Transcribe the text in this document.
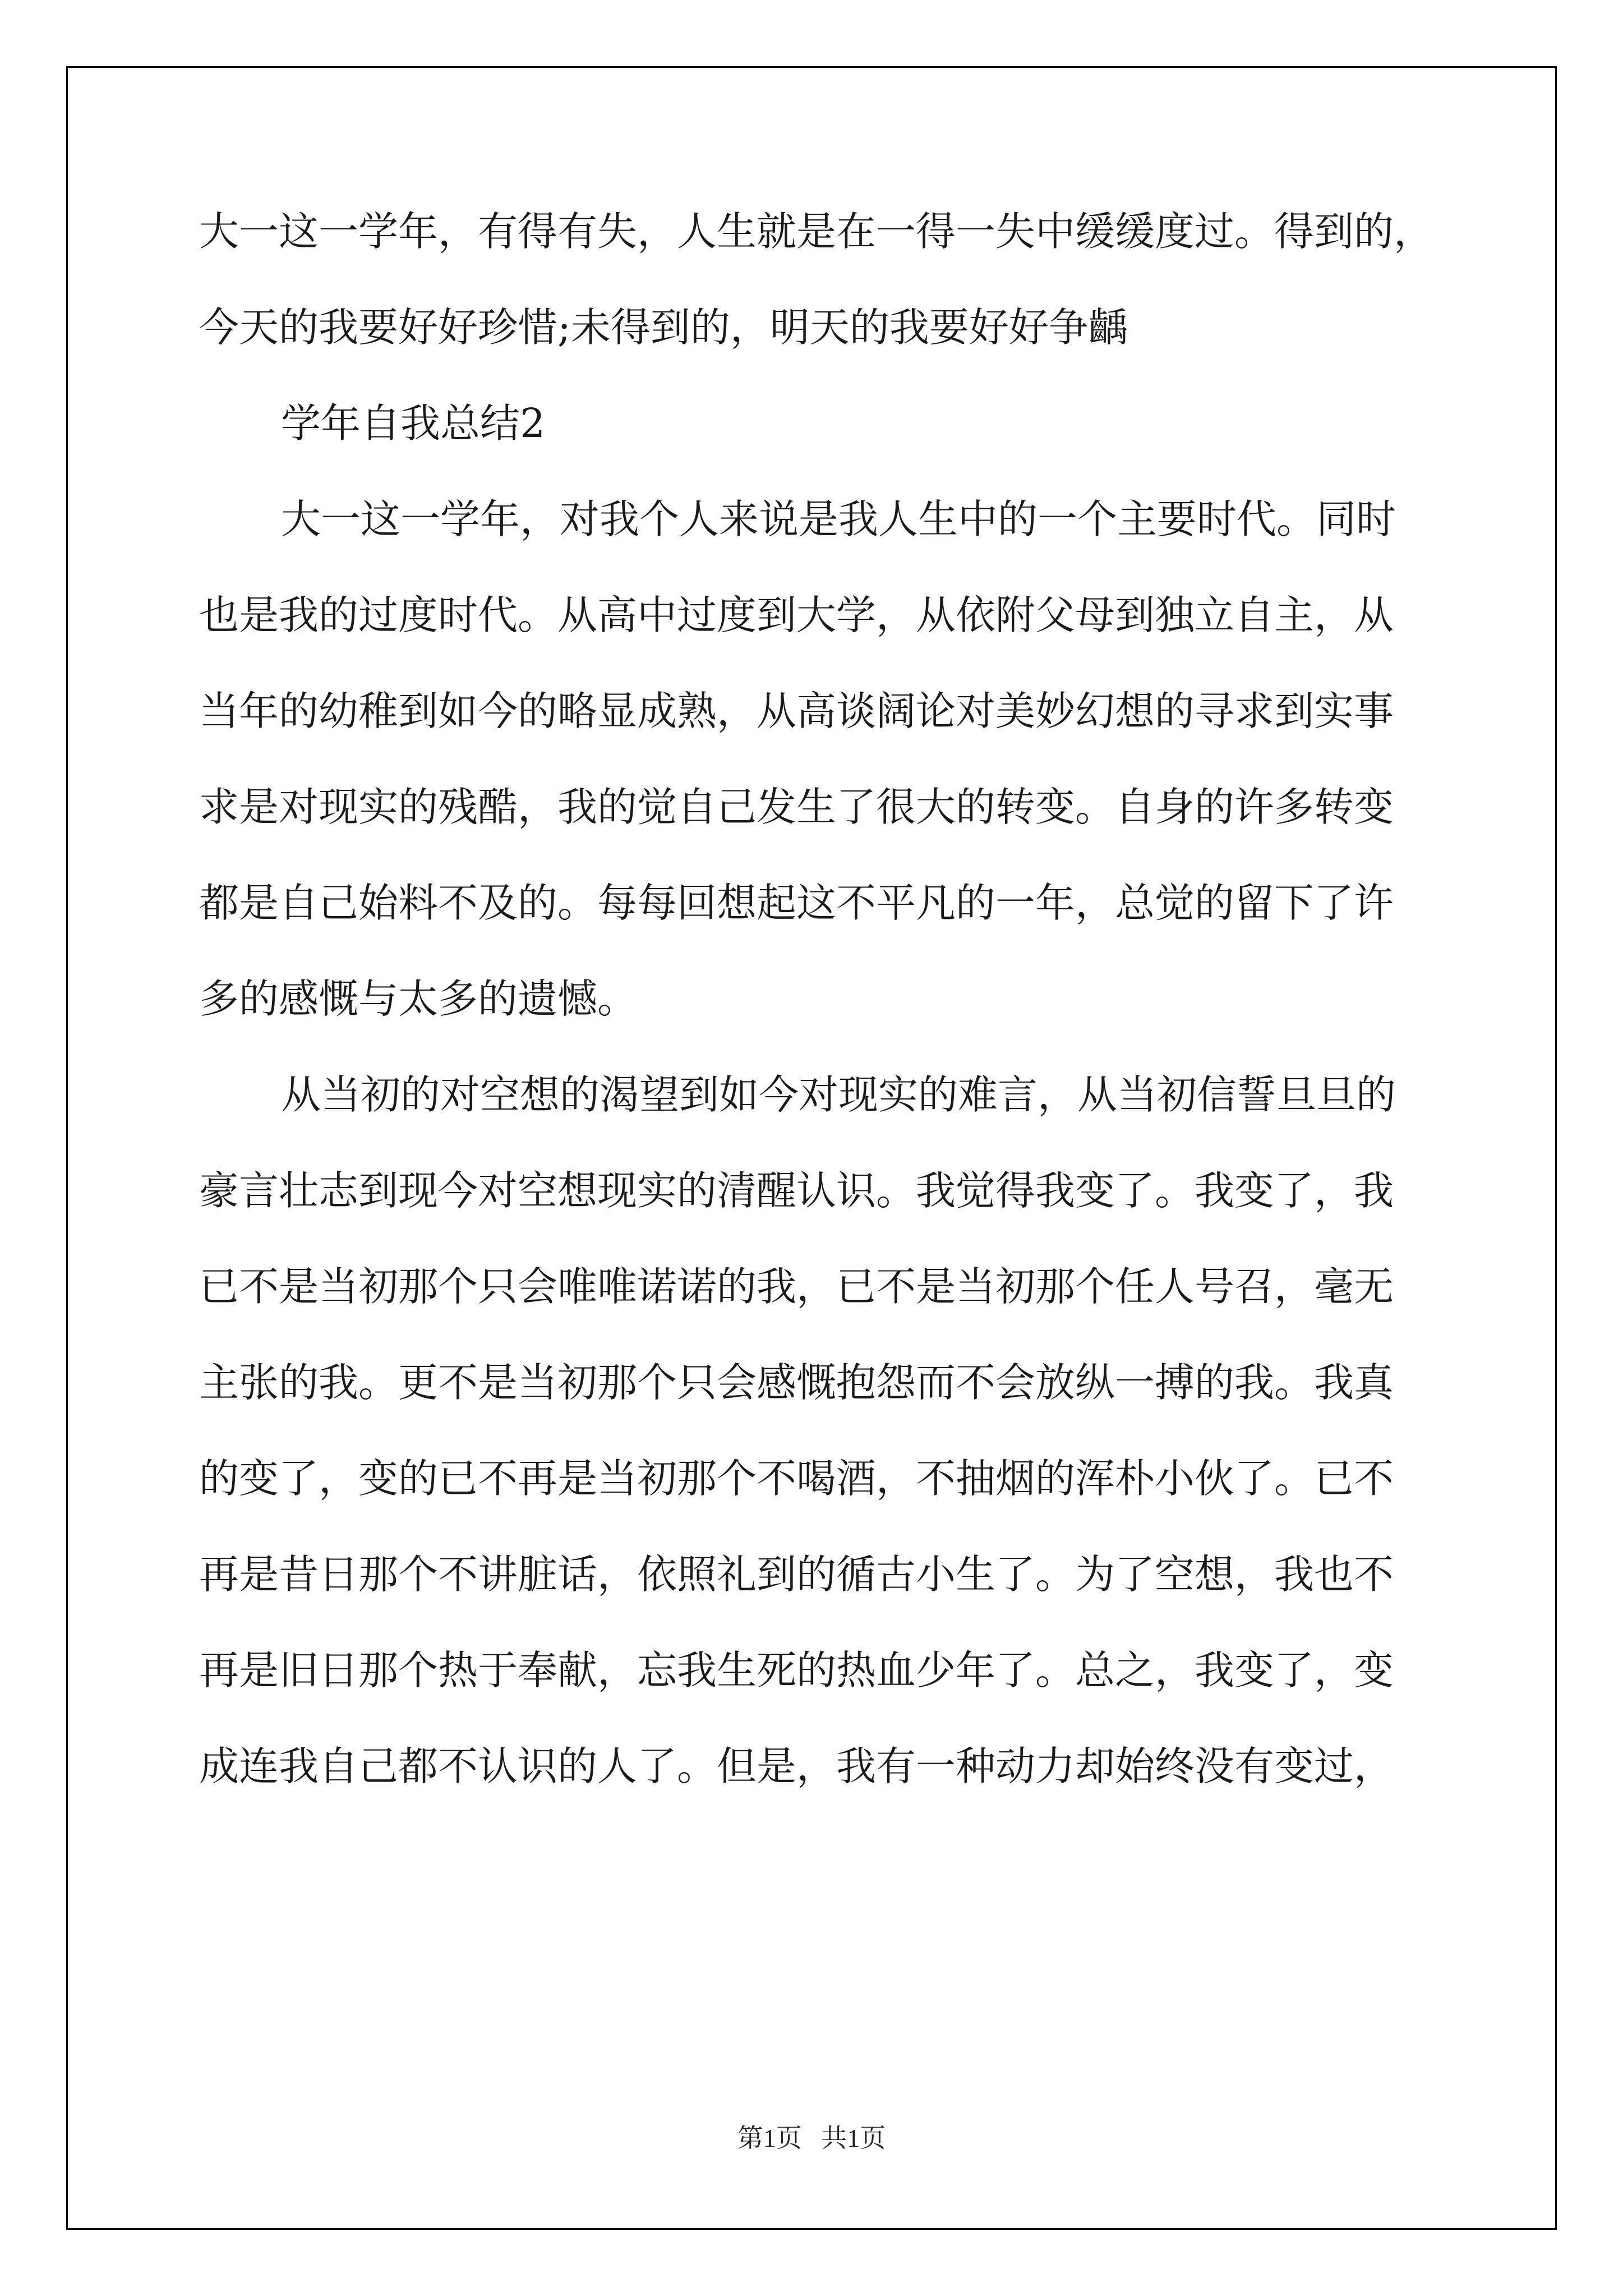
大一这一学年，有得有失，人生就是在一得一失中缓缓度过。得到的，
今天的我要好好珍惜;未得到的，明天的我要好好争齲
学年自我总结2
大一这一学年，对我个人来说是我人生中的一个主要时代。同时
也是我的过度时代。从高中过度到大学，从依附父母到独立自主，从
当年的幼稚到如今的略显成熟，从高谈阔论对美妙幻想的寻求到实事
求是对现实的残酷，我的觉自己发生了很大的转变。自身的许多转变
都是自己始料不及的。每每回想起这不平凡的一年，总觉的留下了许
多的感慨与太多的遗憾。
从当初的对空想的渴望到如今对现实的难言，从当初信誓旦旦的
豪言壮志到现今对空想现实的清醒认识。我觉得我变了。我变了，我
已不是当初那个只会唯唯诺诺的我，已不是当初那个任人号召，毫无
主张的我。更不是当初那个只会感慨抱怨而不会放纵一搏的我。我真
的变了，变的已不再是当初那个不喝酒，不抽烟的浑朴小伙了。已不
再是昔日那个不讲脏话，依照礼到的循古小生了。为了空想，我也不
再是旧日那个热于奉献，忘我生死的热血少年了。总之，我变了，变
成连我自己都不认识的人了。但是，我有一种动力却始终没有变过，
第1页 共1页
